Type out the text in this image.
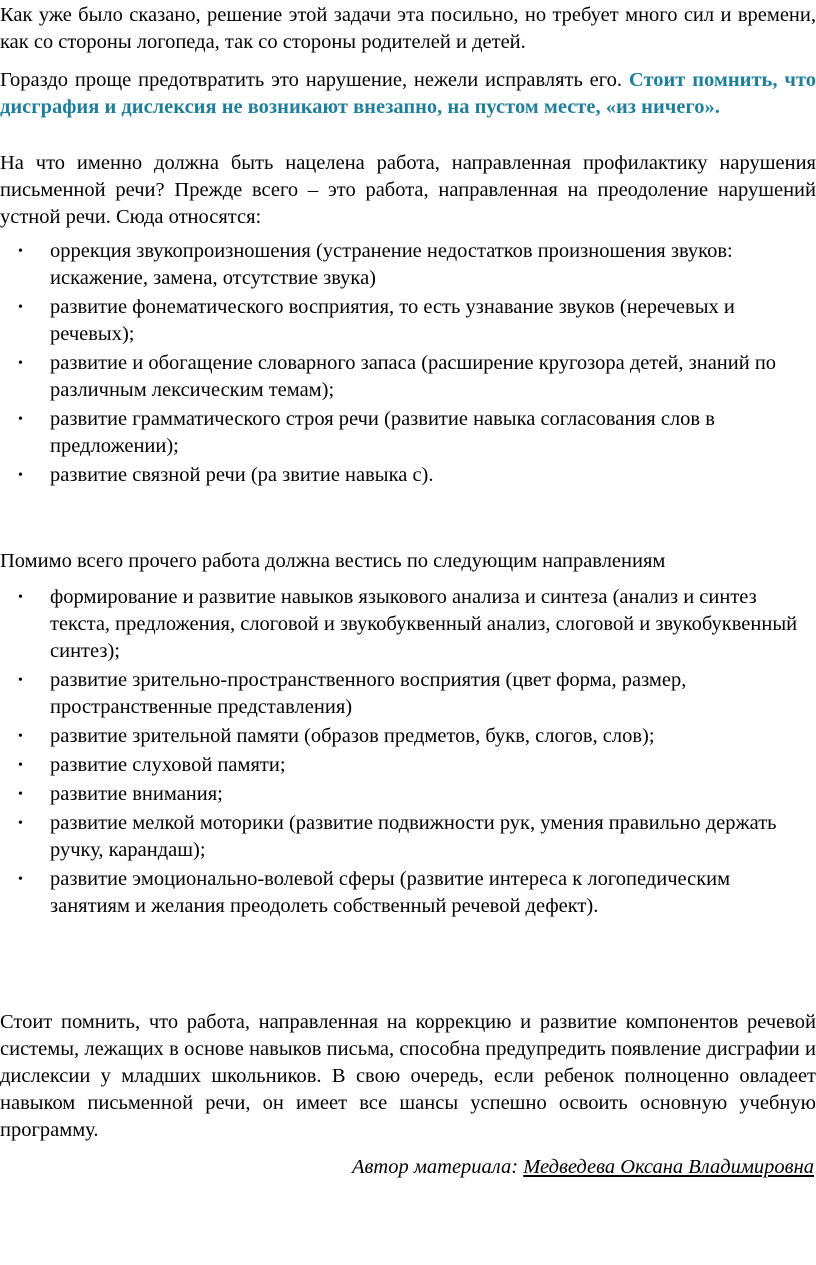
Как уже было сказано, решение этой задачи эта посильно, но требует много сил и времени, как со стороны логопеда, так со стороны родителей и детей.

Гораздо проще предотвратить это нарушение, нежели исправлять его. Стоит помнить, что дисграфия и дислексия не возникают внезапно, на пустом месте, «из ничего».

На что именно должна быть нацелена работа, направленная профилактику нарушения письменной речи? Прежде всего – это работа, направленная на преодоление нарушений устной речи. Сюда относятся:

• оррекция звукопроизношения (устранение недостатков произношения звуков: искажение, замена, отсутствие звука)
• развитие фонематического восприятия, то есть узнавание звуков (неречевых и речевых);
• развитие и обогащение словарного запаса (расширение кругозора детей, знаний по различным лексическим темам);
• развитие грамматического строя речи (развитие навыка согласования слов в предложении);
• развитие связной речи (ра звитие навыка с).

Помимо всего прочего работа должна вестись по следующим направлениям

• формирование и развитие навыков языкового анализа и синтеза (анализ и синтез текста, предложения, слоговой и звукобуквенный анализ, слоговой и звукобуквенный синтез);
• развитие зрительно-пространственного восприятия (цвет форма, размер, пространственные представления)
• развитие зрительной памяти (образов предметов, букв, слогов, слов);
• развитие слуховой памяти;
• развитие внимания;
• развитие мелкой моторики (развитие подвижности рук, умения правильно держать ручку, карандаш);
• развитие эмоционально-волевой сферы (развитие интереса к логопедическим занятиям и желания преодолеть собственный речевой дефект).

Стоит помнить, что работа, направленная на коррекцию и развитие компонентов речевой системы, лежащих в основе навыков письма, способна предупредить появление дисграфии и дислексии у младших школьников. В свою очередь, если ребенок полноценно овладеет навыком письменной речи, он имеет все шансы успешно освоить основную учебную программу.

Автор материала: Медведева Оксана Владимировна
